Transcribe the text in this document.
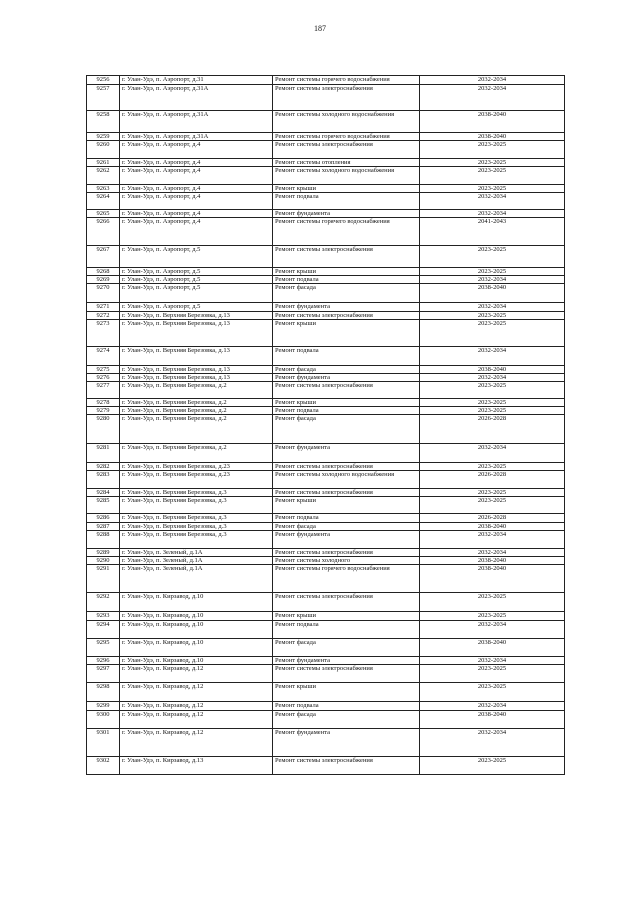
187
9256	г. Улан-Удэ, п. Аэропорт, д.31	Ремонт системы горячего водоснабжения	2032-2034
9257	г. Улан-Удэ, п. Аэропорт, д.31А	Ремонт системы электроснабжения	2032-2034
9258	г. Улан-Удэ, п. Аэропорт, д.31А	Ремонт системы холодного водоснабжения	2038-2040
9259	г. Улан-Удэ, п. Аэропорт, д.31А	Ремонт системы горячего водоснабжения	2038-2040
9260	г. Улан-Удэ, п. Аэропорт, д.4	Ремонт системы электроснабжения	2023-2025
9261	г. Улан-Удэ, п. Аэропорт, д.4	Ремонт системы отопления	2023-2025
9262	г. Улан-Удэ, п. Аэропорт, д.4	Ремонт системы холодного водоснабжения	2023-2025
9263	г. Улан-Удэ, п. Аэропорт, д.4	Ремонт крыши	2023-2025
9264	г. Улан-Удэ, п. Аэропорт, д.4	Ремонт подвала	2032-2034
9265	г. Улан-Удэ, п. Аэропорт, д.4	Ремонт фундамента	2032-2034
9266	г. Улан-Удэ, п. Аэропорт, д.4	Ремонт системы горячего водоснабжения	2041-2043
9267	г. Улан-Удэ, п. Аэропорт, д.5	Ремонт системы электроснабжения	2023-2025
9268	г. Улан-Удэ, п. Аэропорт, д.5	Ремонт крыши	2023-2025
9269	г. Улан-Удэ, п. Аэропорт, д.5	Ремонт подвала	2032-2034
9270	г. Улан-Удэ, п. Аэропорт, д.5	Ремонт фасада	2038-2040
9271	г. Улан-Удэ, п. Аэропорт, д.5	Ремонт фундамента	2032-2034
9272	г. Улан-Удэ, п. Верхняя Березовка, д.13	Ремонт системы электроснабжения	2023-2025
9273	г. Улан-Удэ, п. Верхняя Березовка, д.13	Ремонт крыши	2023-2025
9274	г. Улан-Удэ, п. Верхняя Березовка, д.13	Ремонт подвала	2032-2034
9275	г. Улан-Удэ, п. Верхняя Березовка, д.13	Ремонт фасада	2038-2040
9276	г. Улан-Удэ, п. Верхняя Березовка, д.13	Ремонт фундамента	2032-2034
9277	г. Улан-Удэ, п. Верхняя Березовка, д.2	Ремонт системы электроснабжения	2023-2025
9278	г. Улан-Удэ, п. Верхняя Березовка, д.2	Ремонт крыши	2023-2025
9279	г. Улан-Удэ, п. Верхняя Березовка, д.2	Ремонт подвала	2023-2025
9280	г. Улан-Удэ, п. Верхняя Березовка, д.2	Ремонт фасада	2026-2028
9281	г. Улан-Удэ, п. Верхняя Березовка, д.2	Ремонт фундамента	2032-2034
9282	г. Улан-Удэ, п. Верхняя Березовка, д.23	Ремонт системы электроснабжения	2023-2025
9283	г. Улан-Удэ, п. Верхняя Березовка, д.23	Ремонт системы холодного водоснабжения	2026-2028
9284	г. Улан-Удэ, п. Верхняя Березовка, д.3	Ремонт системы электроснабжения	2023-2025
9285	г. Улан-Удэ, п. Верхняя Березовка, д.3	Ремонт крыши	2023-2025
9286	г. Улан-Удэ, п. Верхняя Березовка, д.3	Ремонт подвала	2026-2028
9287	г. Улан-Удэ, п. Верхняя Березовка, д.3	Ремонт фасада	2038-2040
9288	г. Улан-Удэ, п. Верхняя Березовка, д.3	Ремонт фундамента	2032-2034
9289	г. Улан-Удэ, п. Зеленый, д.1А	Ремонт системы электроснабжения	2032-2034
9290	г. Улан-Удэ, п. Зеленый, д.1А	Ремонт системы холодного	2038-2040
9291	г. Улан-Удэ, п. Зеленый, д.1А	Ремонт системы горячего водоснабжения	2038-2040
9292	г. Улан-Удэ, п. Кирзавод, д.10	Ремонт системы электроснабжения	2023-2025
9293	г. Улан-Удэ, п. Кирзавод, д.10	Ремонт крыши	2023-2025
9294	г. Улан-Удэ, п. Кирзавод, д.10	Ремонт подвала	2032-2034
9295	г. Улан-Удэ, п. Кирзавод, д.10	Ремонт фасада	2038-2040
9296	г. Улан-Удэ, п. Кирзавод, д.10	Ремонт фундамента	2032-2034
9297	г. Улан-Удэ, п. Кирзавод, д.12	Ремонт системы электроснабжения	2023-2025
9298	г. Улан-Удэ, п. Кирзавод, д.12	Ремонт крыши	2023-2025
9299	г. Улан-Удэ, п. Кирзавод, д.12	Ремонт подвала	2032-2034
9300	г. Улан-Удэ, п. Кирзавод, д.12	Ремонт фасада	2038-2040
9301	г. Улан-Удэ, п. Кирзавод, д.12	Ремонт фундамента	2032-2034
9302	г. Улан-Удэ, п. Кирзавод, д.13	Ремонт системы электроснабжения	2023-2025
